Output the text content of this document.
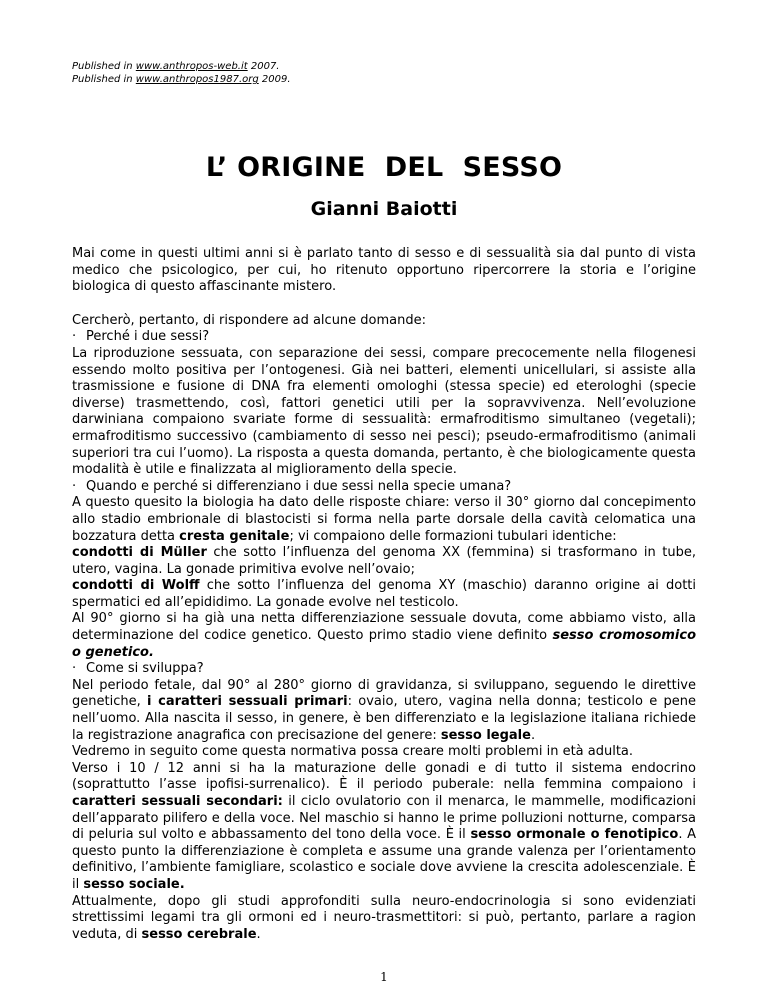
Published in www.anthropos-web.it 2007.
Published in www.anthropos1987.org 2009.
L’ ORIGINE  DEL  SESSO
Gianni Baiotti

Mai come in questi ultimi anni si è parlato tanto di sesso e di sessualità sia dal punto di vista medico che psicologico, per cui, ho ritenuto opportuno ripercorrere la storia e l’origine biologica di questo affascinante mistero.

Cercherò, pertanto, di rispondere ad alcune domande:

· Perché i due sessi?

La riproduzione sessuata, con separazione dei sessi, compare precocemente nella filogenesi essendo molto positiva per l’ontogenesi. Già nei batteri, elementi unicellulari, si assiste alla trasmissione e fusione di DNA fra elementi omologhi (stessa specie) ed eterologhi (specie diverse) trasmettendo, così, fattori genetici utili per la sopravvivenza. Nell’evoluzione darwiniana compaiono svariate forme di sessualità: ermafroditismo simultaneo (vegetali); ermafroditismo successivo (cambiamento di sesso nei pesci); pseudo-ermafroditismo (animali superiori tra cui l’uomo). La risposta a questa domanda, pertanto, è che biologicamente questa modalità è utile e finalizzata al miglioramento della specie.

· Quando e perché si differenziano i due sessi nella specie umana?

A questo quesito la biologia ha dato delle risposte chiare: verso il 30° giorno dal concepimento allo stadio embrionale di blastocisti si forma nella parte dorsale della cavità celomatica una bozzatura detta cresta genitale; vi compaiono delle formazioni tubulari identiche:

condotti di Müller che sotto l’influenza del genoma XX (femmina) si trasformano in tube, utero, vagina. La gonade primitiva evolve nell’ovaio;

condotti di Wolff che sotto l’influenza del genoma XY (maschio) daranno origine ai dotti spermatici ed all’epididimo. La gonade evolve nel testicolo.

Al 90° giorno si ha già una netta differenziazione sessuale dovuta, come abbiamo visto, alla determinazione del codice genetico. Questo primo stadio viene definito sesso cromosomico o genetico.

· Come si sviluppa?

Nel periodo fetale, dal 90° al 280° giorno di gravidanza, si sviluppano, seguendo le direttive genetiche, i caratteri sessuali primari: ovaio, utero, vagina nella donna; testicolo e pene nell’uomo. Alla nascita il sesso, in genere, è ben differenziato e la legislazione italiana richiede la registrazione anagrafica con precisazione del genere: sesso legale.

Vedremo in seguito come questa normativa possa creare molti problemi in età adulta.

Verso i 10 / 12 anni si ha la maturazione delle gonadi e di tutto il sistema endocrino (soprattutto l’asse ipofisi-surrenalico). È il periodo puberale: nella femmina compaiono i caratteri sessuali secondari: il ciclo ovulatorio con il menarca, le mammelle, modificazioni dell’apparato pilifero e della voce. Nel maschio si hanno le prime polluzioni notturne, comparsa di peluria sul volto e abbassamento del tono della voce. È il sesso ormonale o fenotipico. A questo punto la differenziazione è completa e assume una grande valenza per l’orientamento definitivo, l’ambiente famigliare, scolastico e sociale dove avviene la crescita adolescenziale. È il sesso sociale.

Attualmente, dopo gli studi approfonditi sulla neuro-endocrinologia si sono evidenziati strettissimi legami tra gli ormoni ed i neuro-trasmettitori: si può, pertanto, parlare a ragion veduta, di sesso cerebrale.

1
